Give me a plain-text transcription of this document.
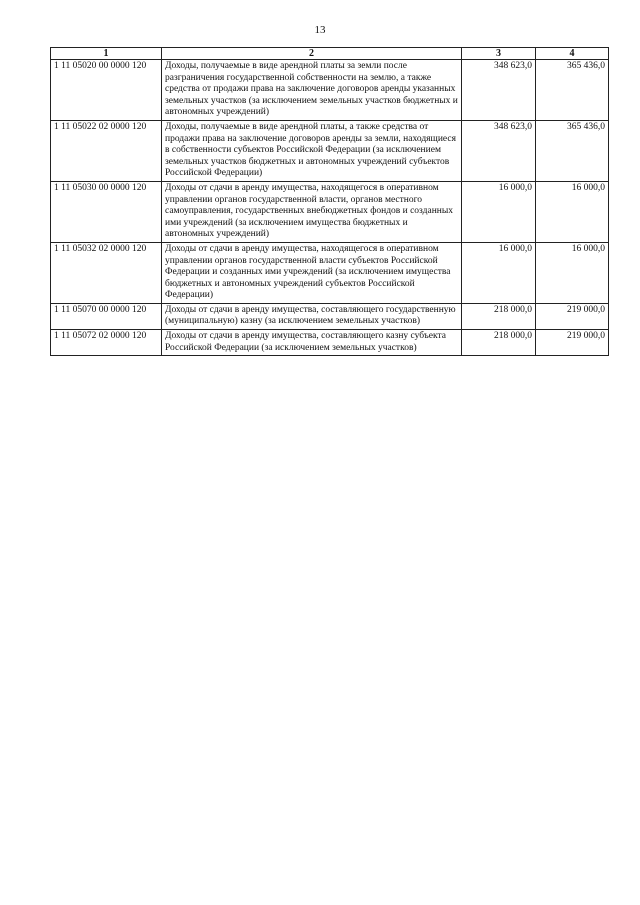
13
1	2	3	4
1 11 05020 00 0000 120	Доходы, получаемые в виде арендной платы за земли после разграничения государственной собственности на землю, а также средства от продажи права на заключение договоров аренды указанных земельных участков (за исключением земельных участков бюджетных и автономных учреждений)	348 623,0	365 436,0
1 11 05022 02 0000 120	Доходы, получаемые в виде арендной платы, а также средства от продажи права на заключение договоров аренды за земли, находящиеся в собственности субъектов Российской Федерации (за исключением земельных участков бюджетных и автономных учреждений субъектов Российской Федерации)	348 623,0	365 436,0
1 11 05030 00 0000 120	Доходы от сдачи в аренду имущества, находящегося в оперативном управлении органов государственной власти, органов местного самоуправления, государственных внебюджетных фондов и созданных ими учреждений (за исключением имущества бюджетных и автономных учреждений)	16 000,0	16 000,0
1 11 05032 02 0000 120	Доходы от сдачи в аренду имущества, находящегося в оперативном управлении органов государственной власти субъектов Российской Федерации и созданных ими учреждений (за исключением имущества бюджетных и автономных учреждений субъектов Российской Федерации)	16 000,0	16 000,0
1 11 05070 00 0000 120	Доходы от сдачи в аренду имущества, составляющего государственную (муниципальную) казну (за исключением земельных участков)	218 000,0	219 000,0
1 11 05072 02 0000 120	Доходы от сдачи в аренду имущества, составляющего казну субъекта Российской Федерации (за исключением земельных участков)	218 000,0	219 000,0
